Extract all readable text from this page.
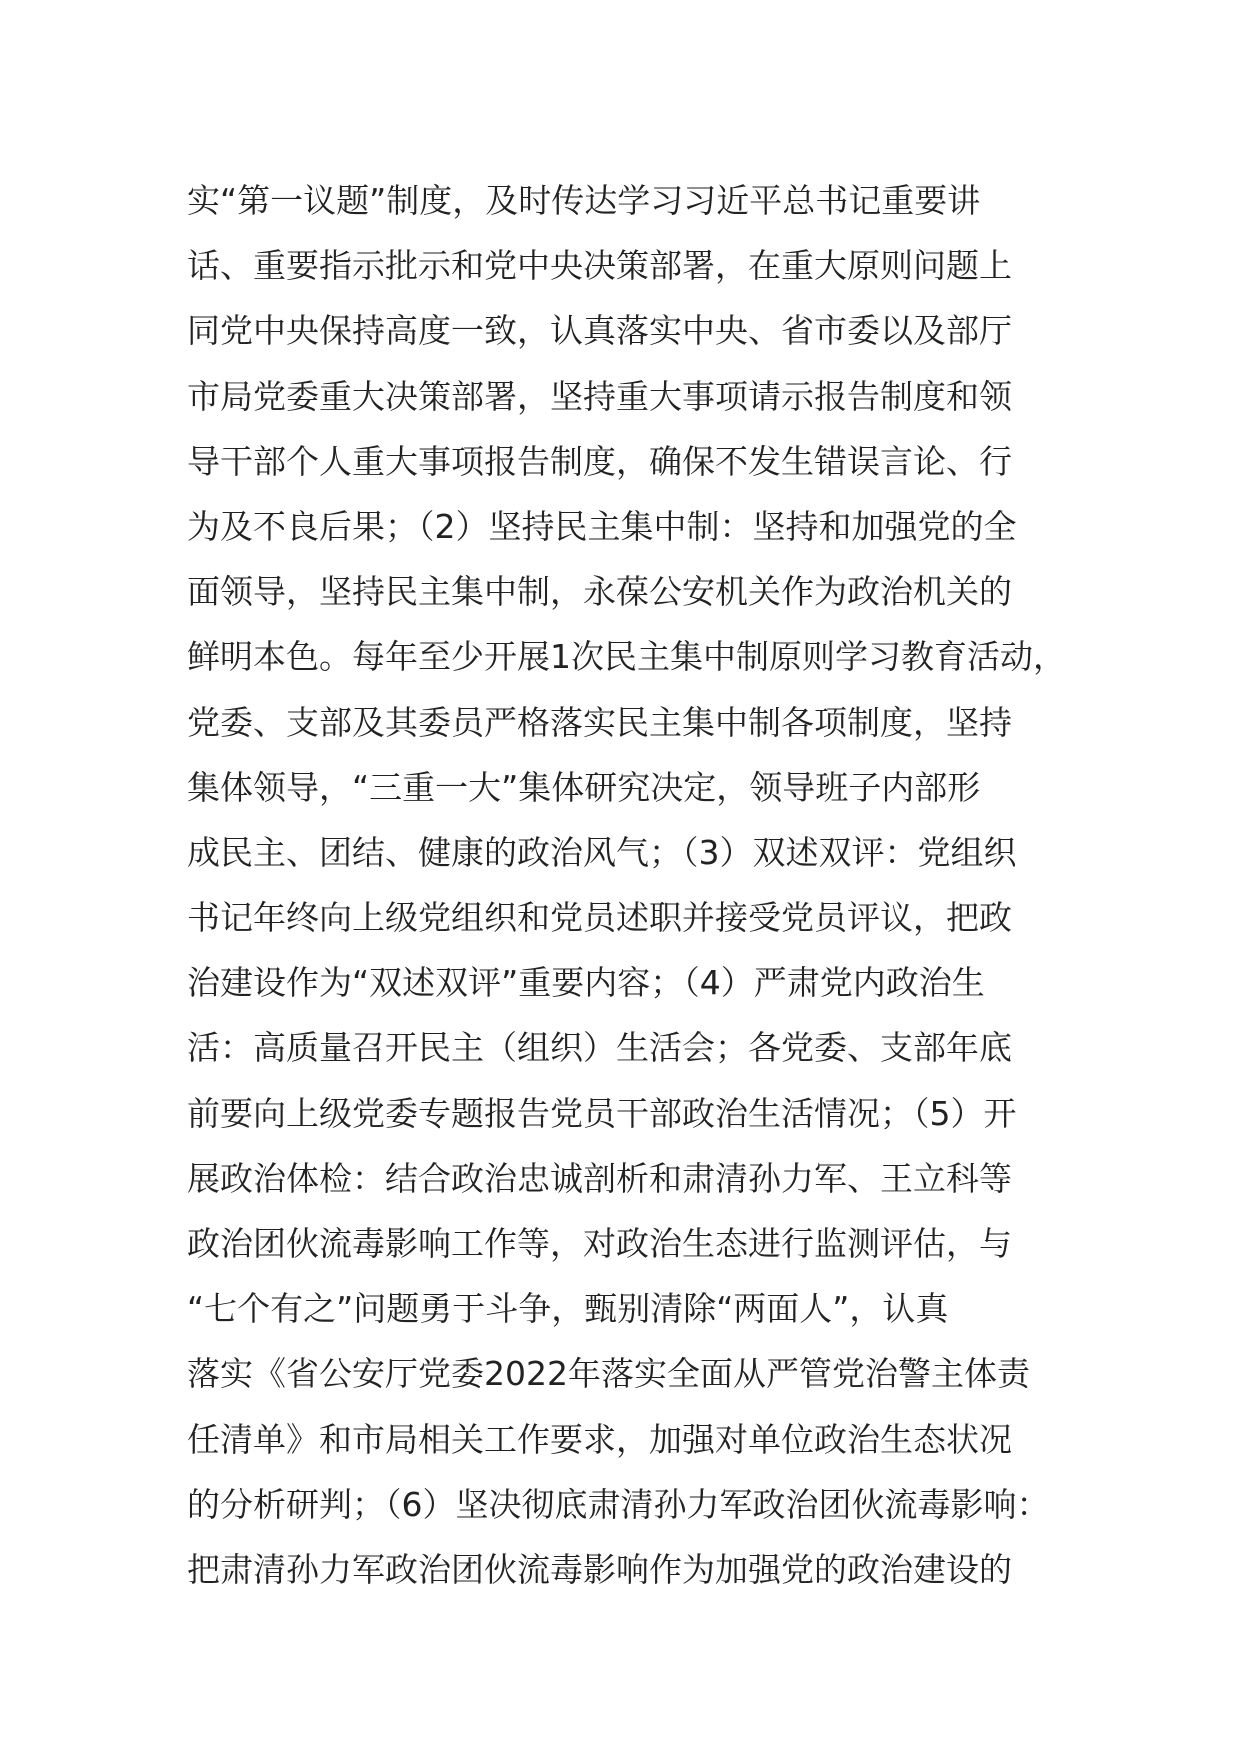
实“第一议题”制度，及时传达学习习近平总书记重要讲
话、重要指示批示和党中央决策部署，在重大原则问题上
同党中央保持高度一致，认真落实中央、省市委以及部厅
市局党委重大决策部署，坚持重大事项请示报告制度和领
导干部个人重大事项报告制度，确保不发生错误言论、行
为及不良后果；（2）坚持民主集中制：坚持和加强党的全
面领导，坚持民主集中制，永葆公安机关作为政治机关的
鲜明本色。每年至少开展1次民主集中制原则学习教育活动，
党委、支部及其委员严格落实民主集中制各项制度，坚持
集体领导，“三重一大”集体研究决定，领导班子内部形
成民主、团结、健康的政治风气；（3）双述双评：党组织
书记年终向上级党组织和党员述职并接受党员评议，把政
治建设作为“双述双评”重要内容；（4）严肃党内政治生
活：高质量召开民主（组织）生活会；各党委、支部年底
前要向上级党委专题报告党员干部政治生活情况；（5）开
展政治体检：结合政治忠诚剖析和肃清孙力军、王立科等
政治团伙流毒影响工作等，对政治生态进行监测评估，与
“七个有之”问题勇于斗争，甄别清除“两面人”，认真
落实《省公安厅党委2022年落实全面从严管党治警主体责
任清单》和市局相关工作要求，加强对单位政治生态状况
的分析研判；（6）坚决彻底肃清孙力军政治团伙流毒影响：
把肃清孙力军政治团伙流毒影响作为加强党的政治建设的
